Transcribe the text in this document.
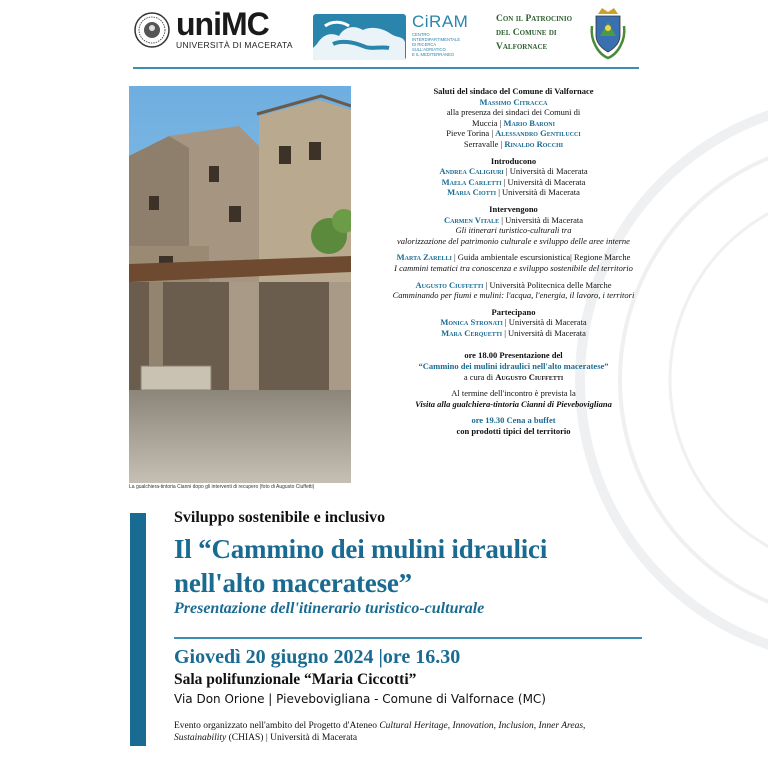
uniMC
UNIVERSITÀ DI MACERATA
CiRAM
CENTRO
INTERDIPARTIMENTALE
DI RICERCA
SULL'ADRIATICO
E IL MEDITERRANEO
Con il Patrocinio
del Comune di
Valfornace
La gualchiera-tintoria Cianni dopo gli interventi di recupero (foto di Augusto Ciuffetti)

Saluti del sindaco del Comune di Valfornace

Massimo Citracca

alla presenza dei sindaci dei Comuni di

Muccia | Mario Baroni

Pieve Torina | Alessandro Gentilucci

Serravalle | Rinaldo Rocchi

Introducono

Andrea Caligiuri | Università di Macerata

Maela Carletti | Università di Macerata

Maria Ciotti | Università di Macerata

Intervengono

Carmen Vitale | Università di Macerata

Gli itinerari turistico-culturali tra

valorizzazione del patrimonio culturale e sviluppo delle aree interne

Marta Zarelli | Guida ambientale escursionistica| Regione Marche

I cammini tematici tra conoscenza e sviluppo sostenibile del territorio

Augusto Ciuffetti | Università Politecnica delle Marche

Camminando per fiumi e mulini: l'acqua, l'energia, il lavoro, i territori

Partecipano

Monica Stronati | Università di Macerata

Mara Cerquetti | Università di Macerata

ore 18.00 Presentazione del

“Cammino dei mulini idraulici nell'alto maceratese”

a cura di Augusto Ciuffetti

Al termine dell'incontro è prevista la

Visita alla gualchiera-tintoria Cianni di Pievebovigliana

ore 19.30 Cena a buffet

con prodotti tipici del territorio

Sviluppo sostenibile e inclusivo
Il “Cammino dei mulini idraulici
nell'alto maceratese”
Presentazione dell'itinerario turistico-culturale
Giovedì 20 giugno 2024 |ore 16.30
Sala polifunzionale “Maria Ciccotti”
Via Don Orione | Pievebovigliana - Comune di Valfornace (MC)
Evento organizzato nell'ambito del Progetto d'Ateneo Cultural Heritage, Innovation, Inclusion, Inner Areas, Sustainability (CHIAS) | Università di Macerata
